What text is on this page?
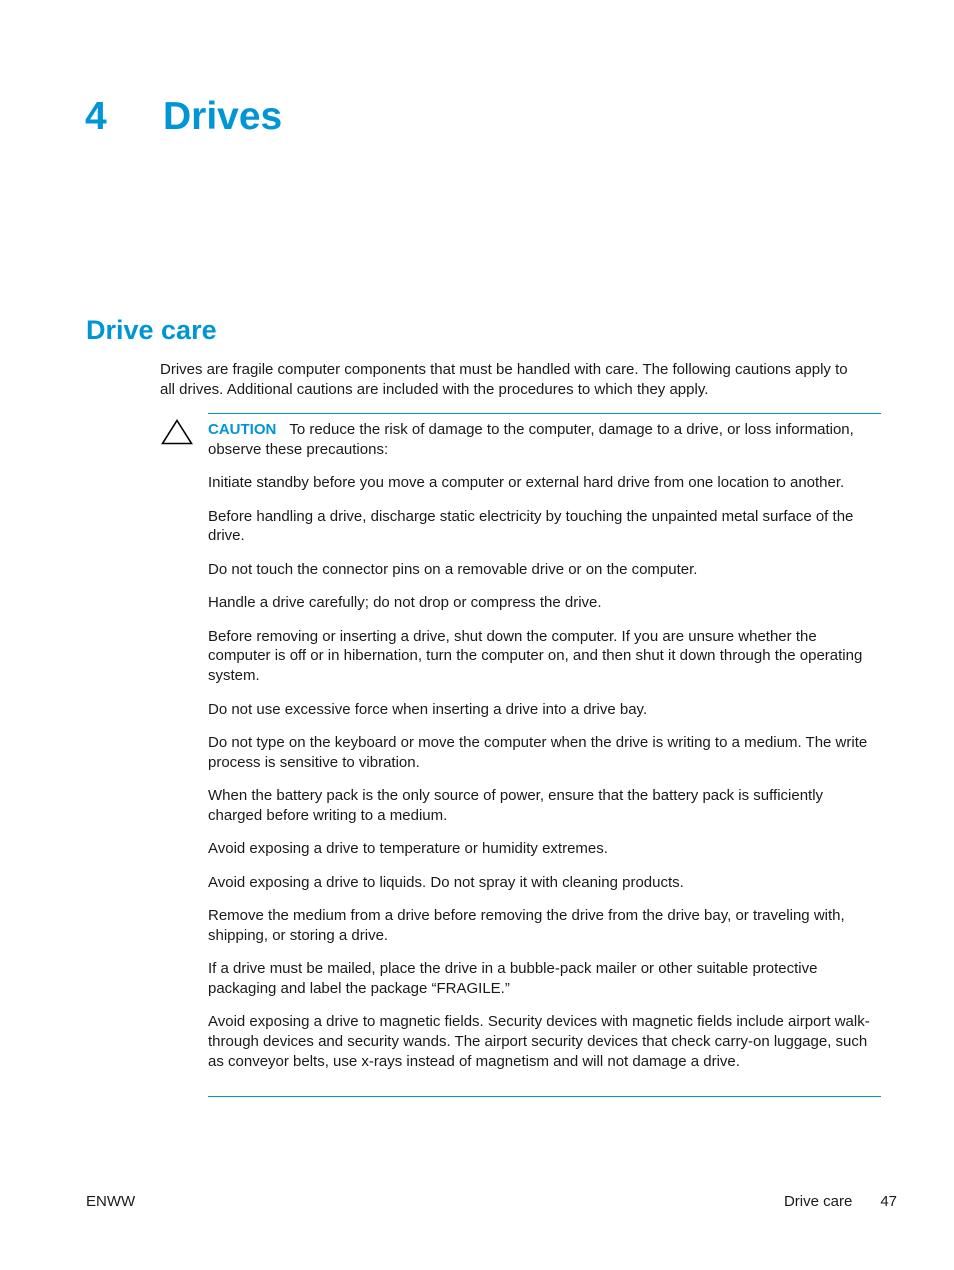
4 Drives
Drive care

Drives are fragile computer components that must be handled with care. The following cautions apply to all drives. Additional cautions are included with the procedures to which they apply.

CAUTION To reduce the risk of damage to the computer, damage to a drive, or loss information, observe these precautions:

Initiate standby before you move a computer or external hard drive from one location to another.

Before handling a drive, discharge static electricity by touching the unpainted metal surface of the drive.

Do not touch the connector pins on a removable drive or on the computer.

Handle a drive carefully; do not drop or compress the drive.

Before removing or inserting a drive, shut down the computer. If you are unsure whether the computer is off or in hibernation, turn the computer on, and then shut it down through the operating system.

Do not use excessive force when inserting a drive into a drive bay.

Do not type on the keyboard or move the computer when the drive is writing to a medium. The write process is sensitive to vibration.

When the battery pack is the only source of power, ensure that the battery pack is sufficiently charged before writing to a medium.

Avoid exposing a drive to temperature or humidity extremes.

Avoid exposing a drive to liquids. Do not spray it with cleaning products.

Remove the medium from a drive before removing the drive from the drive bay, or traveling with, shipping, or storing a drive.

If a drive must be mailed, place the drive in a bubble-pack mailer or other suitable protective packaging and label the package “FRAGILE.”

Avoid exposing a drive to magnetic fields. Security devices with magnetic fields include airport walk-through devices and security wands. The airport security devices that check carry-on luggage, such as conveyor belts, use x-rays instead of magnetism and will not damage a drive.

ENWW	Drive care 47
